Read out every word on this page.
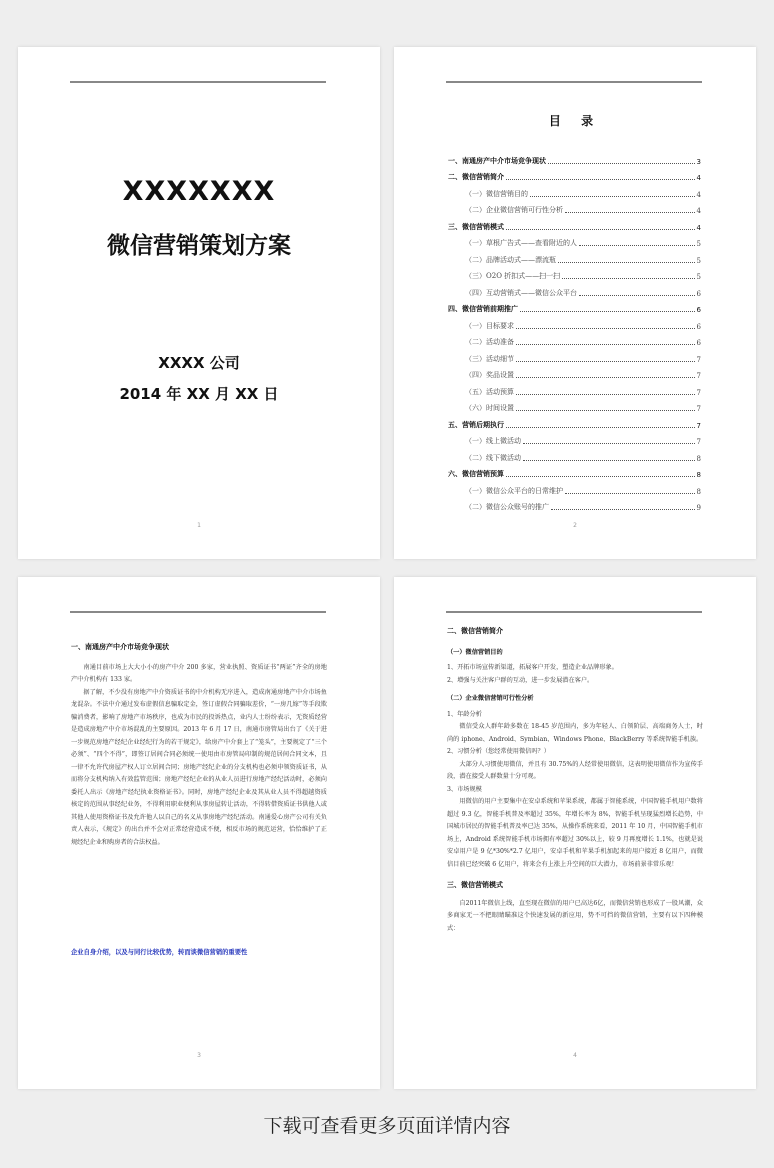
XXXXXXX
微信营销策划方案
XXXX 公司
2014 年 XX 月 XX 日
1
目 录
一、南通房产中介市场竞争现状	3
二、微信营销简介	4
（一）微信营销目的	4
（二）企业微信营销可行性分析	4
三、微信营销模式	4
（一）草根广告式——查看附近的人	5
（二）品牌活动式——漂流瓶	5
（三）O2O 折扣式——扫一扫	5
（四）互动营销式——微信公众平台	6
四、微信营销前期推广	6
（一）目标要求	6
（二）活动准备	6
（三）活动细节	7
（四）奖品设置	7
（五）活动预算	7
（六）时间设置	7
五、营销后期执行	7
（一）线上微活动	7
（二）线下微活动	8
六、微信营销预算	8
（一）微信公众平台的日常维护	8
（二）微信公众账号的推广	9
2
一、南通房产中介市场竞争现状
南通目前市场上大大小小的房产中介 200 多家，营业执照、资质证书“两证”齐全的房地产中介机构有 133 家。
据了解，不少没有房地产中介资质证书的中介机构无序进入，造成南通房地产中介市场鱼龙混杂。不法中介通过发布虚假信息骗取定金，签订虚假合同骗取差价，“一房几嫁”等手段欺骗消费者，影响了房地产市场秩序，也成为市民的投诉热点，业内人士纷纷表示，无资质经营是造成房地产中介市场混乱的主要原因。2013 年 6 月 17 日，南通市房管局出台了《关于进一步规范房地产经纪企业经纪行为的若干规定》，给房产中介套上了“笼头”，主要规定了“三个必须”、“四个不得”，即签订居间合同必须统一使用由市房管局印制的规范居间合同文本，且一律不允许代房屋产权人订立居间合同；房地产经纪企业的分支机构也必须申领资质证书，从而将分支机构纳入有效监管范围；房地产经纪企业的从业人员进行房地产经纪活动时，必须向委托人出示《房地产经纪执业资格证书》。同时，房地产经纪企业及其从业人员不得超越资质核定的范围从事经纪业务，不得利用职业便利从事房屋转让活动，不得转借资质证书供他人或其他人使用资格证书及允许他人以自己的名义从事房地产经纪活动。南通爱心房产公司有关负责人表示，《规定》的出台并不会对正常经营造成不便，相反市场的规范运营，恰恰维护了正规经纪企业和购房者的合法权益。
企业自身介绍，以及与同行比较优势，转而谈微信营销的重要性
3
二、微信营销简介
（一）微信营销目的
1、开拓市场宣传新渠道，拓展客户开发，塑造企业品牌形象。
2、增强与关注客户群的互动，进一步发展潜在客户。
（二）企业微信营销可行性分析
1、年龄分析
微信受众人群年龄多数在 18-45 岁范围内，多为年轻人、白领阶层、高端商务人士，时尚的 iphone、Android、Symbian、Windows Phone、BlackBerry 等系统智能手机族。
2、习惯分析（您经常使用微信吗？）
大部分人习惯使用微信，并且有 30.75%的人经常使用微信，这表明使用微信作为宣传手段，潜在接受人群数量十分可观。
3、市场规模
用微信的用户主要集中在安卓系统和苹果系统，都属于智能系统，中国智能手机用户数将超过 9.3 亿，智能手机普及率超过 35%，年增长率为 8%，智能手机呈现猛烈增长趋势，中国城市居民的智能手机普及率已达 35%，从操作系统来看，2011 年 10 月，中国智能手机市场上，Android 系统智能手机市场拥有率超过 30%以上，较 9 月再度增长 1.1%，也就是说安卓用户是 9 亿*30%*2.7 亿用户，安卓手机和苹果手机加起来的用户接近 8 亿用户，而微信目前已经突破 6 亿用户，将来会有上涨上升空间的巨大潜力，市场前景非常乐观！
三、微信营销模式
自2011年微信上线，直至现在微信的用户已高达6亿，而微信营销也形成了一股风潮，众多商家无一不把眼睛瞄准这个快速发展的新应用，势不可挡的微信营销，主要有以下四种模式：
4
下载可查看更多页面详情内容
